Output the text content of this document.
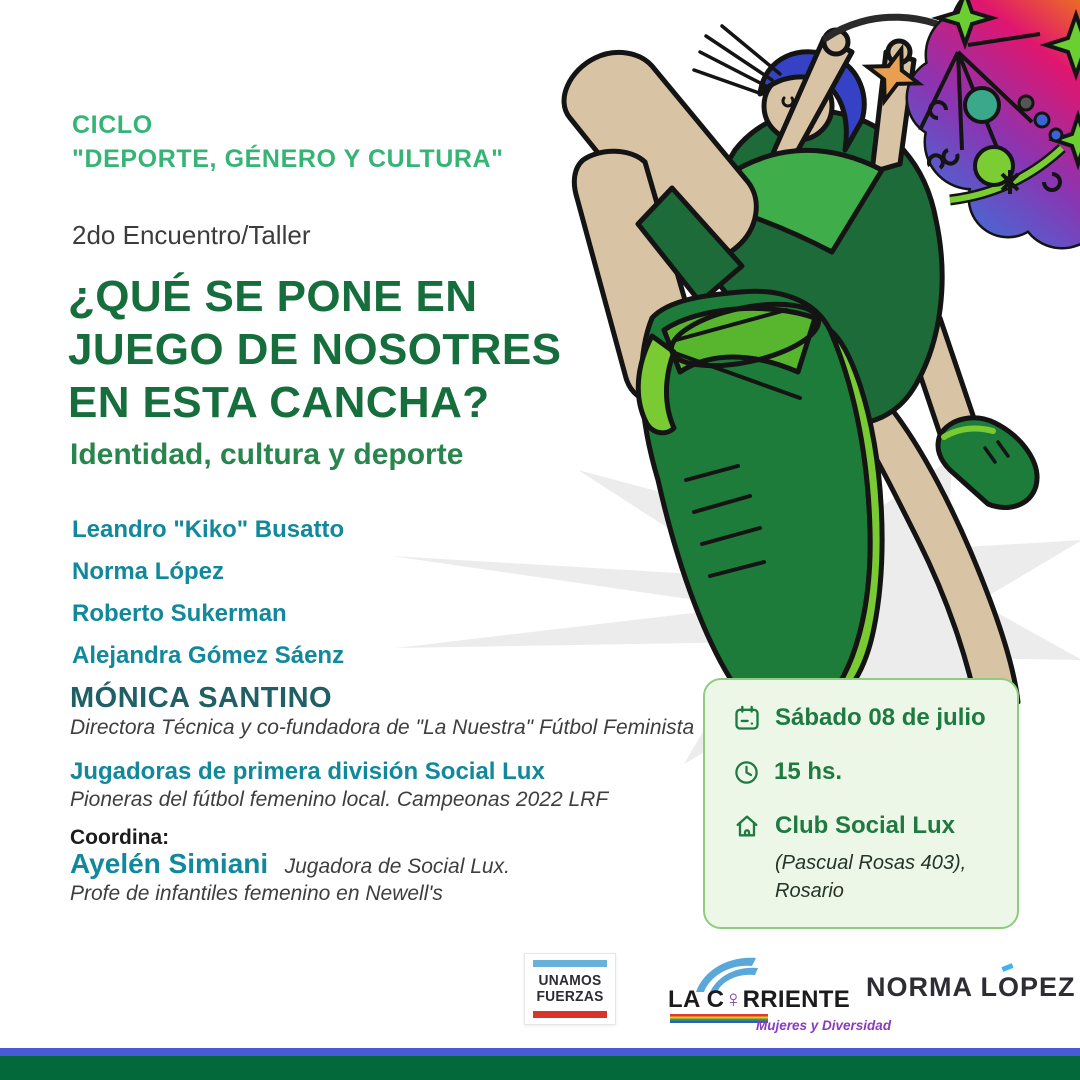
CICLO
"DEPORTE, GÉNERO Y CULTURA"
2do Encuentro/Taller
¿QUÉ SE PONE EN
JUEGO DE NOSOTRES
EN ESTA CANCHA?
Identidad, cultura y deporte
Leandro "Kiko" Busatto
Norma López
Roberto Sukerman
Alejandra Gómez Sáenz
MÓNICA SANTINO
Directora Técnica y co-fundadora de "La Nuestra" Fútbol Feminista
Jugadoras de primera división Social Lux
Pioneras del fútbol femenino local. Campeonas 2022 LRF
Coordina:
Ayelén Simiani Jugadora de Social Lux.
Profe de infantiles femenino en Newell's
Sábado 08 de julio
15 hs.
Club Social Lux
(Pascual Rosas 403),
Rosario
UNAMOS
FUERZAS	LA C♀RRIENTE
Mujeres y Diversidad
NORMA LO
PEZ
